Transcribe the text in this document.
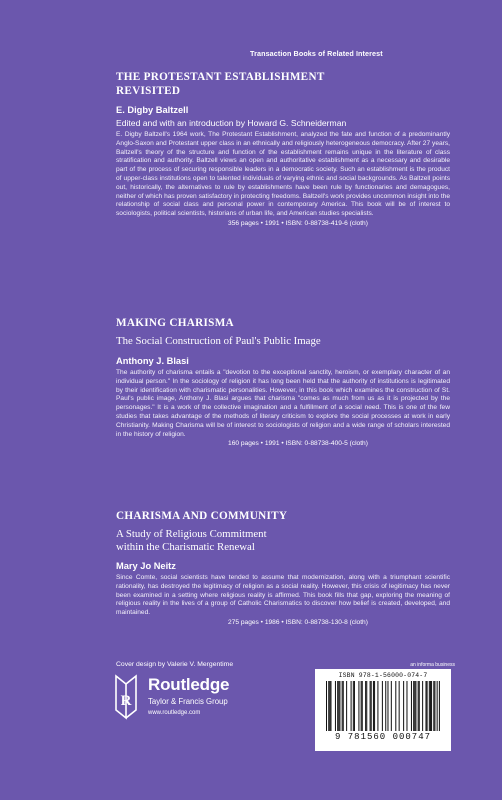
Transaction Books of Related Interest
THE PROTESTANT ESTABLISHMENT
REVISITED
E. Digby Baltzell
Edited and with an introduction by Howard G. Schneiderman

E. Digby Baltzell's 1964 work, The Protestant Establishment, analyzed the fate and function of a predominantly Anglo-Saxon and Protestant upper class in an ethnically and religiously heterogeneous democracy. After 27 years, Baltzell's theory of the structure and function of the establishment remains unique in the literature of class stratification and authority. Baltzell views an open and authoritative establishment as a necessary and desirable part of the process of securing responsible leaders in a democratic society. Such an establishment is the product of upper-class institutions open to talented individuals of varying ethnic and social backgrounds. As Baltzell points out, historically, the alternatives to rule by establishments have been rule by functionaries and demagogues, neither of which has proven satisfactory in protecting freedoms. Baltzell's work provides uncommon insight into the relationship of social class and personal power in contemporary America. This book will be of interest to sociologists, political scientists, historians of urban life, and American studies specialists.

356 pages • 1991 • ISBN: 0-88738-419-6 (cloth)
MAKING CHARISMA
The Social Construction of Paul's Public Image
Anthony J. Blasi

The authority of charisma entails a "devotion to the exceptional sanctity, heroism, or exemplary character of an individual person." In the sociology of religion it has long been held that the authority of institutions is legitimated by their identification with charismatic personalities. However, in this book which examines the construction of St. Paul's public image, Anthony J. Blasi argues that charisma "comes as much from us as it is projected by the personages." It is a work of the collective imagination and a fulfillment of a social need. This is one of the few studies that takes advantage of the methods of literary criticism to explore the social processes at work in early Christianity. Making Charisma will be of interest to sociologists of religion and a wide range of scholars interested in the history of religion.

160 pages • 1991 • ISBN: 0-88738-400-5 (cloth)
CHARISMA AND COMMUNITY
A Study of Religious Commitment
within the Charismatic Renewal
Mary Jo Neitz

Since Comte, social scientists have tended to assume that modernization, along with a triumphant scientific rationality, has destroyed the legitimacy of religion as a social reality. However, this crisis of legitimacy has never been examined in a setting where religious reality is affirmed. This book fills that gap, exploring the meaning of religious reality in the lives of a group of Catholic Charismatics to discover how belief is created, developed, and maintained.

275 pages • 1986 • ISBN: 0-88738-130-8 (cloth)
Cover design by Valerie V. Mergentime
R
Routledge
Taylor & Francis Group
www.routledge.com
an informa business
ISBN 978-1-56000-074-7
9 781560 000747
